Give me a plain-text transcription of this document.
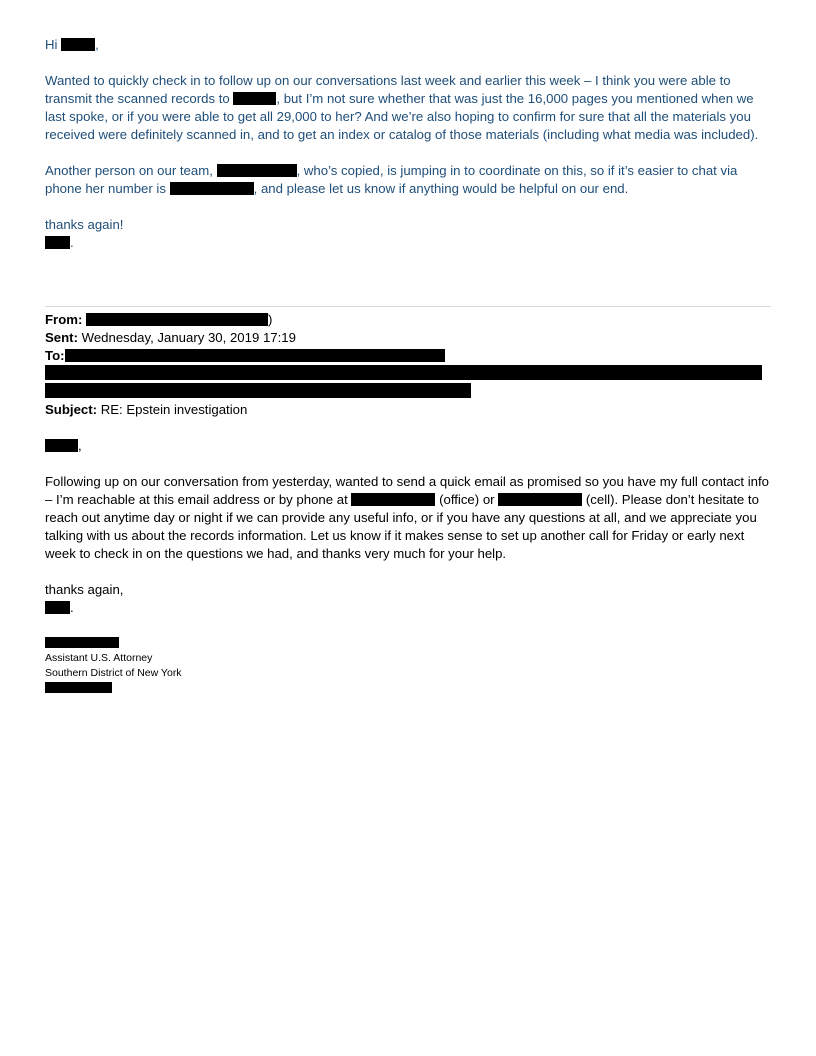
Hi	,

Wanted to quickly check in to follow up on our conversations last week and earlier this week – I think you were able to transmit the scanned records to	, but I’m not sure whether that was just the 16,000 pages you mentioned when we last spoke, or if you were able to get all 29,000 to her? And we’re also hoping to confirm for sure that all the materials you received were definitely scanned in, and to get an index or catalog of those materials (including what media was included).

Another person on our team,	, who’s copied, is jumping in to coordinate on this, so if it’s easier to chat via phone her number is	, and please let us know if anything would be helpful on our end.

thanks again!

.

From:	)

Sent: Wednesday, January 30, 2019 17:19

To:

Subject: RE: Epstein investigation

,

Following up on our conversation from yesterday, wanted to send a quick email as promised so you have my full contact info – I’m reachable at this email address or by phone at	(office) or	(cell). Please don’t hesitate to reach out anytime day or night if we can provide any useful info, or if you have any questions at all, and we appreciate you talking with us about the records information. Let us know if it makes sense to set up another call for Friday or early next week to check in on the questions we had, and thanks very much for your help.

thanks again,

.

Assistant U.S. Attorney
Southern District of New York
